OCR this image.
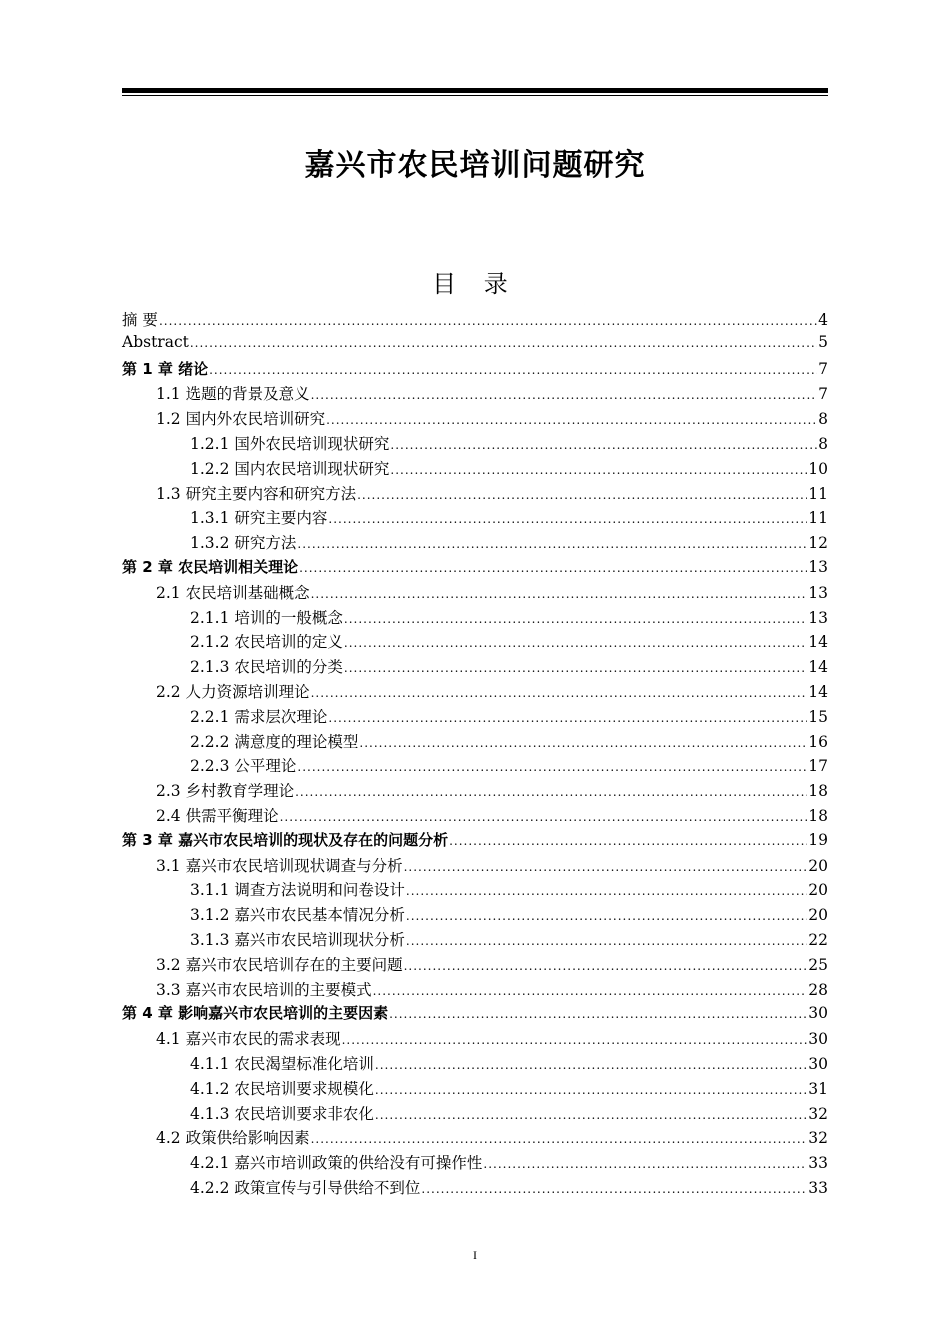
嘉兴市农民培训问题研究
目 录
摘 要 .....	4
Abstract .....	5
第 1 章 绪论 .....	7
1.1 选题的背景及意义 .....	7
1.2 国内外农民培训研究 .....	8
1.2.1 国外农民培训现状研究 .....	8
1.2.2 国内农民培训现状研究 .....	10
1.3 研究主要内容和研究方法 .....	11
1.3.1 研究主要内容 .....	11
1.3.2 研究方法 .....	12
第 2 章 农民培训相关理论 .....	13
2.1 农民培训基础概念 .....	13
2.1.1 培训的一般概念 .....	13
2.1.2 农民培训的定义 .....	14
2.1.3 农民培训的分类 .....	14
2.2 人力资源培训理论 .....	14
2.2.1 需求层次理论 .....	15
2.2.2 满意度的理论模型 .....	16
2.2.3 公平理论 .....	17
2.3 乡村教育学理论 .....	18
2.4 供需平衡理论 .....	18
第 3 章 嘉兴市农民培训的现状及存在的问题分析 .....	19
3.1 嘉兴市农民培训现状调查与分析 .....	20
3.1.1 调查方法说明和问卷设计 .....	20
3.1.2 嘉兴市农民基本情况分析 .....	20
3.1.3 嘉兴市农民培训现状分析 .....	22
3.2 嘉兴市农民培训存在的主要问题 .....	25
3.3 嘉兴市农民培训的主要模式 .....	28
第 4 章 影响嘉兴市农民培训的主要因素 .....	30
4.1 嘉兴市农民的需求表现 .....	30
4.1.1 农民渴望标准化培训 .....	30
4.1.2 农民培训要求规模化 .....	31
4.1.3 农民培训要求非农化 .....	32
4.2 政策供给影响因素 .....	32
4.2.1 嘉兴市培训政策的供给没有可操作性 .....	33
4.2.2 政策宣传与引导供给不到位 .....	33
I
